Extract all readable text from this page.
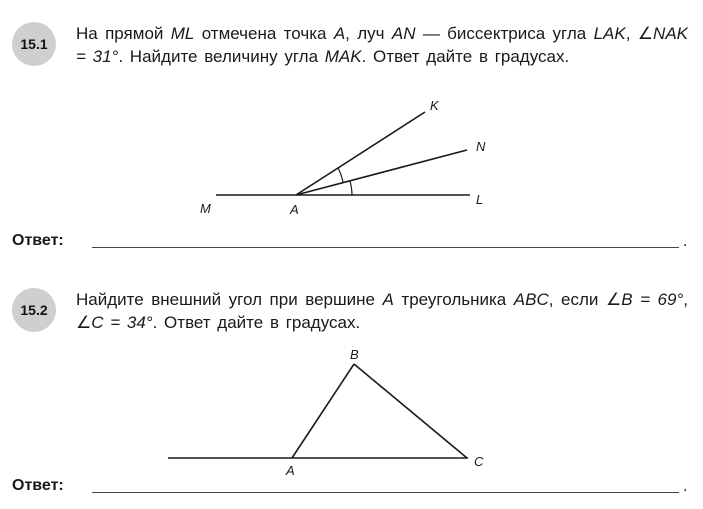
15.1
На прямой ML отмечена точка A, луч AN — биссектриса угла LAK, ∠NAK = 31°. Найдите величину угла MAK. Ответ дайте в градусах.
K
N
M	A
L
B
A
C
Ответ:	.
15.2
Найдите внешний угол при вершине A треугольника ABC, если ∠B = 69°, ∠C = 34°. Ответ дайте в градусах.
Ответ:	.
